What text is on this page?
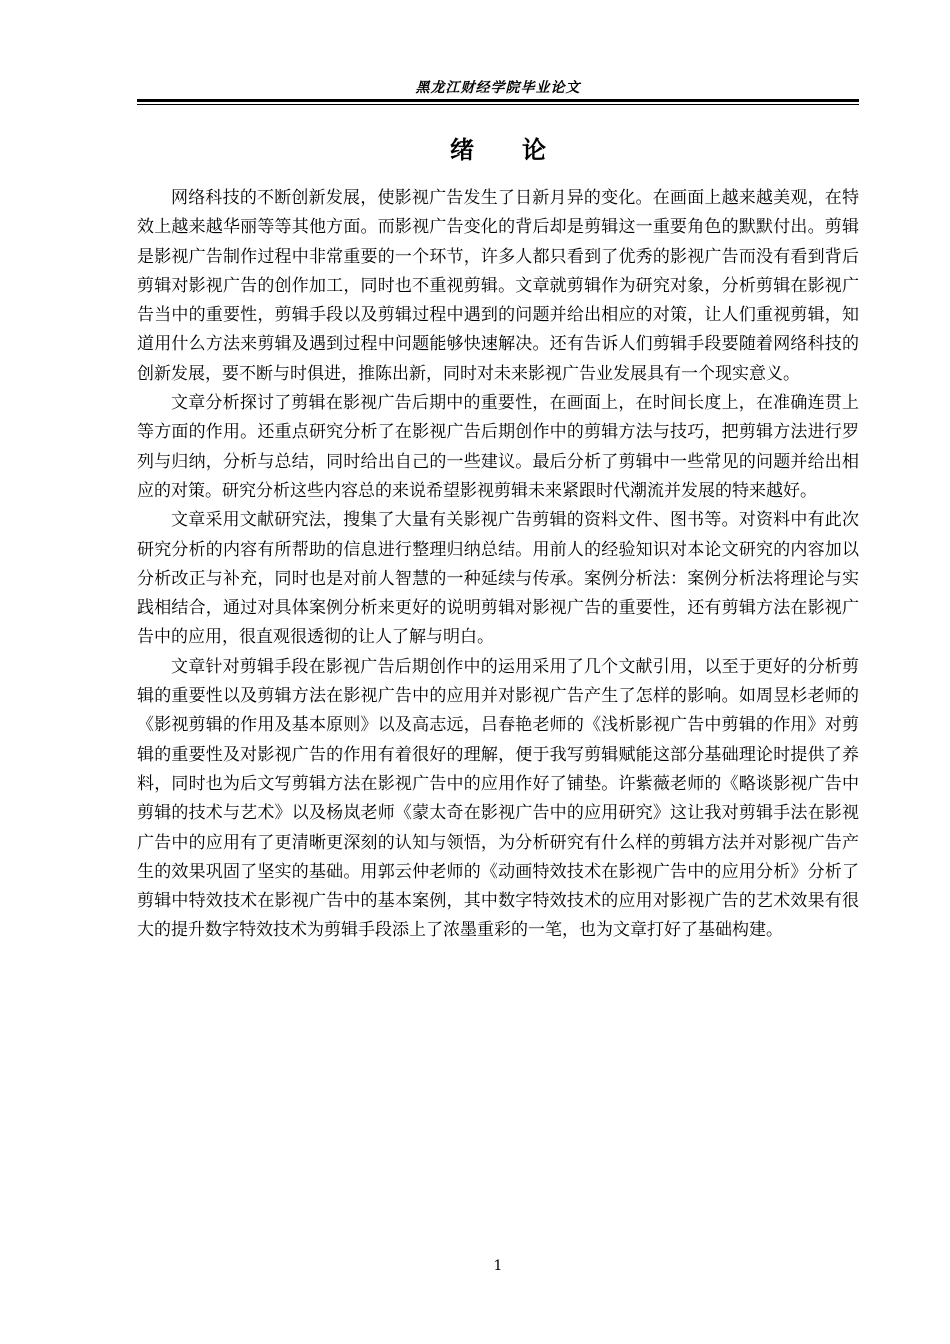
黑龙江财经学院毕业论文
绪 论

网络科技的不断创新发展，使影视广告发生了日新月异的变化。在画面上越来越美观，在特效上越来越华丽等等其他方面。而影视广告变化的背后却是剪辑这一重要角色的默默付出。剪辑是影视广告制作过程中非常重要的一个环节，许多人都只看到了优秀的影视广告而没有看到背后剪辑对影视广告的创作加工，同时也不重视剪辑。文章就剪辑作为研究对象，分析剪辑在影视广告当中的重要性，剪辑手段以及剪辑过程中遇到的问题并给出相应的对策，让人们重视剪辑，知道用什么方法来剪辑及遇到过程中问题能够快速解决。还有告诉人们剪辑手段要随着网络科技的创新发展，要不断与时俱进，推陈出新，同时对未来影视广告业发展具有一个现实意义。

文章分析探讨了剪辑在影视广告后期中的重要性，在画面上，在时间长度上，在准确连贯上等方面的作用。还重点研究分析了在影视广告后期创作中的剪辑方法与技巧，把剪辑方法进行罗列与归纳，分析与总结，同时给出自己的一些建议。最后分析了剪辑中一些常见的问题并给出相应的对策。研究分析这些内容总的来说希望影视剪辑未来紧跟时代潮流并发展的特来越好。

文章采用文献研究法，搜集了大量有关影视广告剪辑的资料文件、图书等。对资料中有此次研究分析的内容有所帮助的信息进行整理归纳总结。用前人的经验知识对本论文研究的内容加以分析改正与补充，同时也是对前人智慧的一种延续与传承。案例分析法：案例分析法将理论与实践相结合，通过对具体案例分析来更好的说明剪辑对影视广告的重要性，还有剪辑方法在影视广告中的应用，很直观很透彻的让人了解与明白。

文章针对剪辑手段在影视广告后期创作中的运用采用了几个文献引用，以至于更好的分析剪辑的重要性以及剪辑方法在影视广告中的应用并对影视广告产生了怎样的影响。如周昱杉老师的《影视剪辑的作用及基本原则》以及高志远，吕春艳老师的《浅析影视广告中剪辑的作用》对剪辑的重要性及对影视广告的作用有着很好的理解，便于我写剪辑赋能这部分基础理论时提供了养料，同时也为后文写剪辑方法在影视广告中的应用作好了铺垫。许紫薇老师的《略谈影视广告中剪辑的技术与艺术》以及杨岚老师《蒙太奇在影视广告中的应用研究》这让我对剪辑手法在影视广告中的应用有了更清晰更深刻的认知与领悟，为分析研究有什么样的剪辑方法并对影视广告产生的效果巩固了坚实的基础。用郭云仲老师的《动画特效技术在影视广告中的应用分析》分析了剪辑中特效技术在影视广告中的基本案例，其中数字特效技术的应用对影视广告的艺术效果有很大的提升数字特效技术为剪辑手段添上了浓墨重彩的一笔，也为文章打好了基础构建。

1
